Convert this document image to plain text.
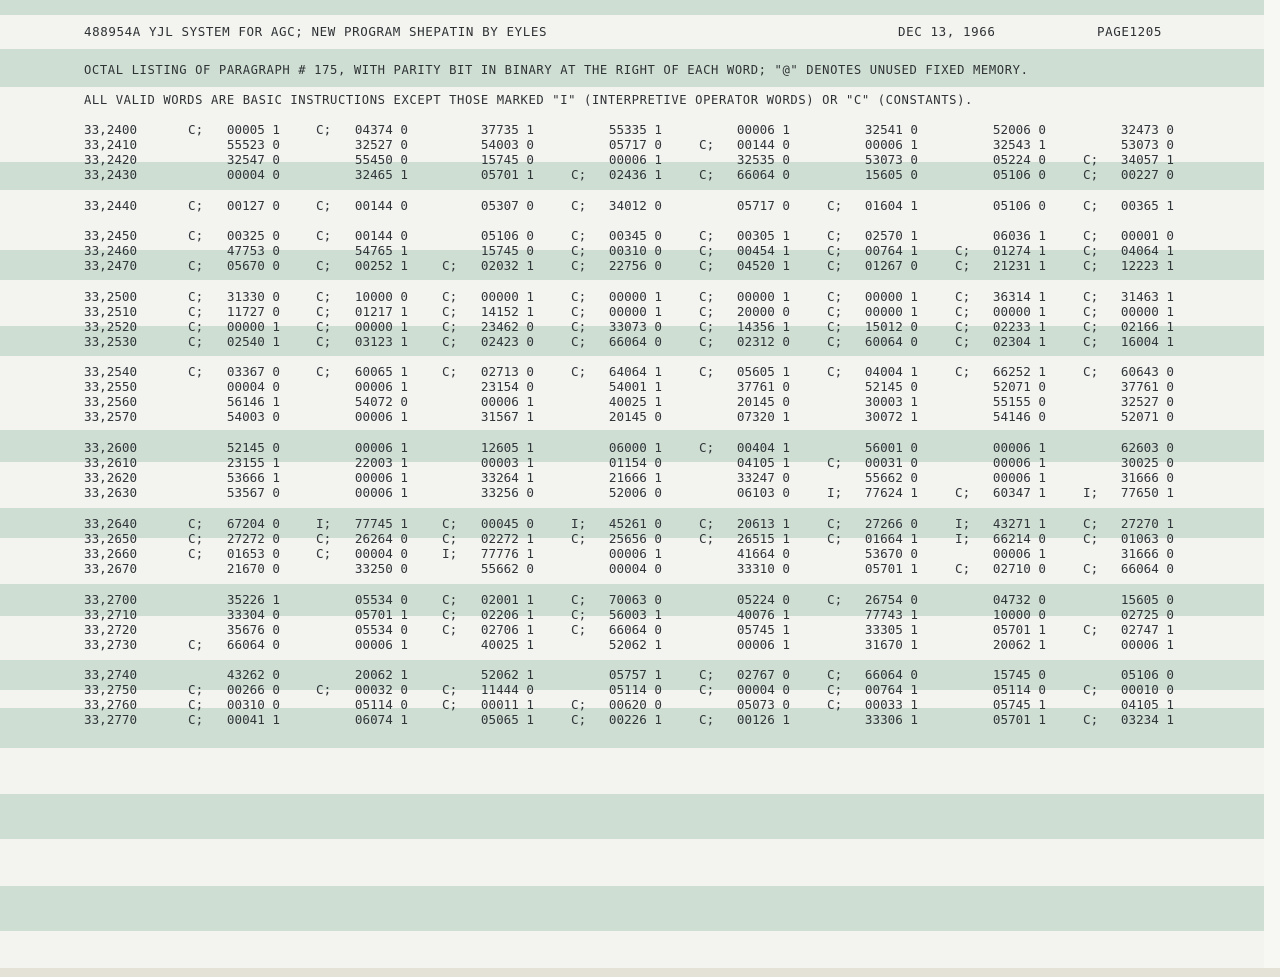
488954A YJL SYSTEM FOR AGC; NEW PROGRAM SHEPATIN BY EYLES	DEC 13, 1966	PAGE1205
OCTAL LISTING OF PARAGRAPH # 175, WITH PARITY BIT IN BINARY AT THE RIGHT OF EACH WORD; "@" DENOTES UNUSED FIXED MEMORY.
ALL VALID WORDS ARE BASIC INSTRUCTIONS EXCEPT THOSE MARKED "I" (INTERPRETIVE OPERATOR WORDS) OR "C" (CONSTANTS).
33,2400	C; 00005 1	C; 04374 0	37735 1	55335 1	00006 1	32541 0	52006 0	32473 0
33,2410	55523 0	32527 0	54003 0	05717 0	C; 00144 0	00006 1	32543 1	53073 0
33,2420	32547 0	55450 0	15745 0	00006 1	32535 0	53073 0	05224 0	C; 34057 1
33,2430	00004 0	32465 1	05701 1	C; 02436 1	C; 66064 0	15605 0	05106 0	C; 00227 0
33,2440	C; 00127 0	C; 00144 0	05307 0	C; 34012 0	05717 0	C; 01604 1	05106 0	C; 00365 1
33,2450	C; 00325 0	C; 00144 0	05106 0	C; 00345 0	C; 00305 1	C; 02570 1	06036 1	C; 00001 0
33,2460	47753 0	54765 1	15745 0	C; 00310 0	C; 00454 1	C; 00764 1	C; 01274 1	C; 04064 1
33,2470	C; 05670 0	C; 00252 1	C; 02032 1	C; 22756 0	C; 04520 1	C; 01267 0	C; 21231 1	C; 12223 1
33,2500	C; 31330 0	C; 10000 0	C; 00000 1	C; 00000 1	C; 00000 1	C; 00000 1	C; 36314 1	C; 31463 1
33,2510	C; 11727 0	C; 01217 1	C; 14152 1	C; 00000 1	C; 20000 0	C; 00000 1	C; 00000 1	C; 00000 1
33,2520	C; 00000 1	C; 00000 1	C; 23462 0	C; 33073 0	C; 14356 1	C; 15012 0	C; 02233 1	C; 02166 1
33,2530	C; 02540 1	C; 03123 1	C; 02423 0	C; 66064 0	C; 02312 0	C; 60064 0	C; 02304 1	C; 16004 1
33,2540	C; 03367 0	C; 60065 1	C; 02713 0	C; 64064 1	C; 05605 1	C; 04004 1	C; 66252 1	C; 60643 0
33,2550	00004 0	00006 1	23154 0	54001 1	37761 0	52145 0	52071 0	37761 0
33,2560	56146 1	54072 0	00006 1	40025 1	20145 0	30003 1	55155 0	32527 0
33,2570	54003 0	00006 1	31567 1	20145 0	07320 1	30072 1	54146 0	52071 0
33,2600	52145 0	00006 1	12605 1	06000 1	C; 00404 1	56001 0	00006 1	62603 0
33,2610	23155 1	22003 1	00003 1	01154 0	04105 1	C; 00031 0	00006 1	30025 0
33,2620	53666 1	00006 1	33264 1	21666 1	33247 0	55662 0	00006 1	31666 0
33,2630	53567 0	00006 1	33256 0	52006 0	06103 0	I; 77624 1	C; 60347 1	I; 77650 1
33,2640	C; 67204 0	I; 77745 1	C; 00045 0	I; 45261 0	C; 20613 1	C; 27266 0	I; 43271 1	C; 27270 1
33,2650	C; 27272 0	C; 26264 0	C; 02272 1	C; 25656 0	C; 26515 1	C; 01664 1	I; 66214 0	C; 01063 0
33,2660	C; 01653 0	C; 00004 0	I; 77776 1	00006 1	41664 0	53670 0	00006 1	31666 0
33,2670	21670 0	33250 0	55662 0	00004 0	33310 0	05701 1	C; 02710 0	C; 66064 0
33,2700	35226 1	05534 0	C; 02001 1	C; 70063 0	05224 0	C; 26754 0	04732 0	15605 0
33,2710	33304 0	05701 1	C; 02206 1	C; 56003 1	40076 1	77743 1	10000 0	02725 0
33,2720	35676 0	05534 0	C; 02706 1	C; 66064 0	05745 1	33305 1	05701 1	C; 02747 1
33,2730	C; 66064 0	00006 1	40025 1	52062 1	00006 1	31670 1	20062 1	00006 1
33,2740	43262 0	20062 1	52062 1	05757 1	C; 02767 0	C; 66064 0	15745 0	05106 0
33,2750	C; 00266 0	C; 00032 0	C; 11444 0	05114 0	C; 00004 0	C; 00764 1	05114 0	C; 00010 0
33,2760	C; 00310 0	05114 0	C; 00011 1	C; 00620 0	05073 0	C; 00033 1	05745 1	04105 1
33,2770	C; 00041 1	06074 1	05065 1	C; 00226 1	C; 00126 1	33306 1	05701 1	C; 03234 1
